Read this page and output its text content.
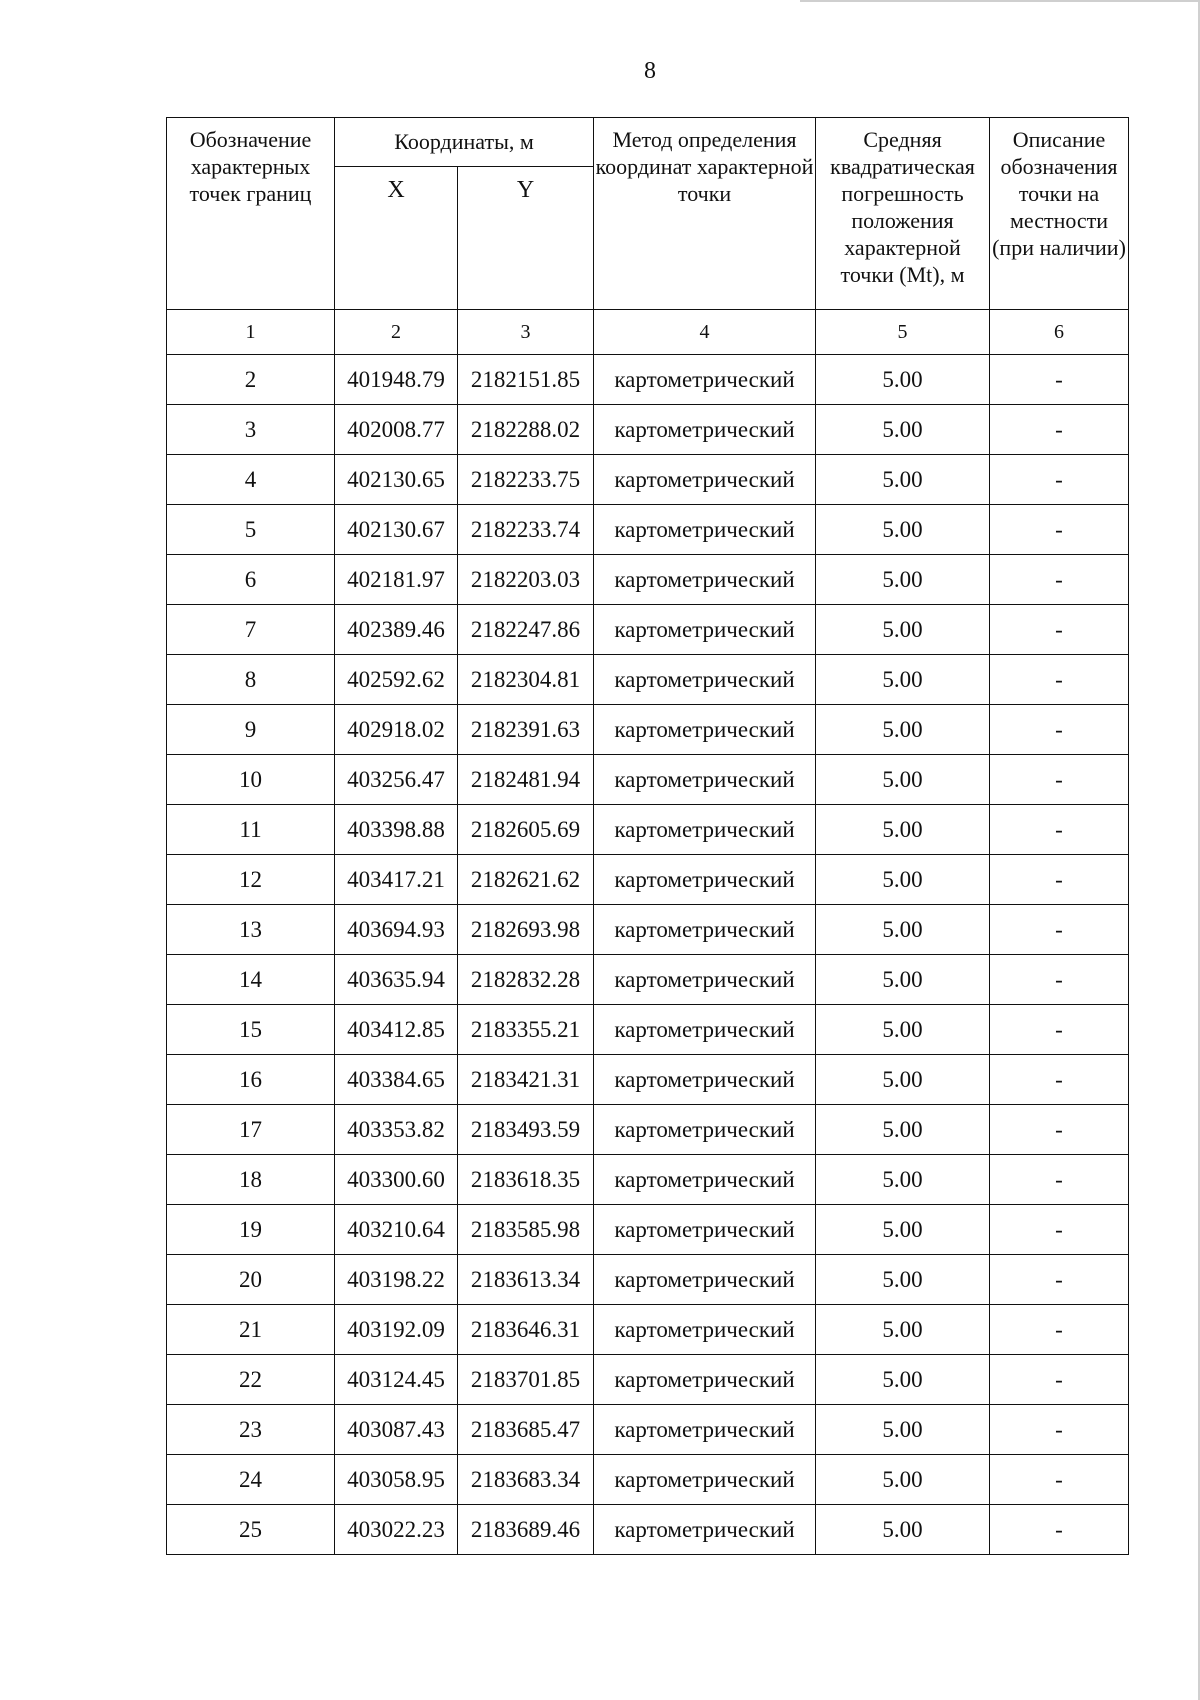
8
Обозначение характерных точек границ	Координаты, м		Метод определения координат характерной точки	Средняя квадратическая погрешность положения характерной точки (Mt), м	Описание обозначения точки на местности (при наличии)
	X	Y			
1	2	3	4	5	6
2	401948.79	2182151.85	картометрический	5.00	-
3	402008.77	2182288.02	картометрический	5.00	-
4	402130.65	2182233.75	картометрический	5.00	-
5	402130.67	2182233.74	картометрический	5.00	-
6	402181.97	2182203.03	картометрический	5.00	-
7	402389.46	2182247.86	картометрический	5.00	-
8	402592.62	2182304.81	картометрический	5.00	-
9	402918.02	2182391.63	картометрический	5.00	-
10	403256.47	2182481.94	картометрический	5.00	-
11	403398.88	2182605.69	картометрический	5.00	-
12	403417.21	2182621.62	картометрический	5.00	-
13	403694.93	2182693.98	картометрический	5.00	-
14	403635.94	2182832.28	картометрический	5.00	-
15	403412.85	2183355.21	картометрический	5.00	-
16	403384.65	2183421.31	картометрический	5.00	-
17	403353.82	2183493.59	картометрический	5.00	-
18	403300.60	2183618.35	картометрический	5.00	-
19	403210.64	2183585.98	картометрический	5.00	-
20	403198.22	2183613.34	картометрический	5.00	-
21	403192.09	2183646.31	картометрический	5.00	-
22	403124.45	2183701.85	картометрический	5.00	-
23	403087.43	2183685.47	картометрический	5.00	-
24	403058.95	2183683.34	картометрический	5.00	-
25	403022.23	2183689.46	картометрический	5.00	-
